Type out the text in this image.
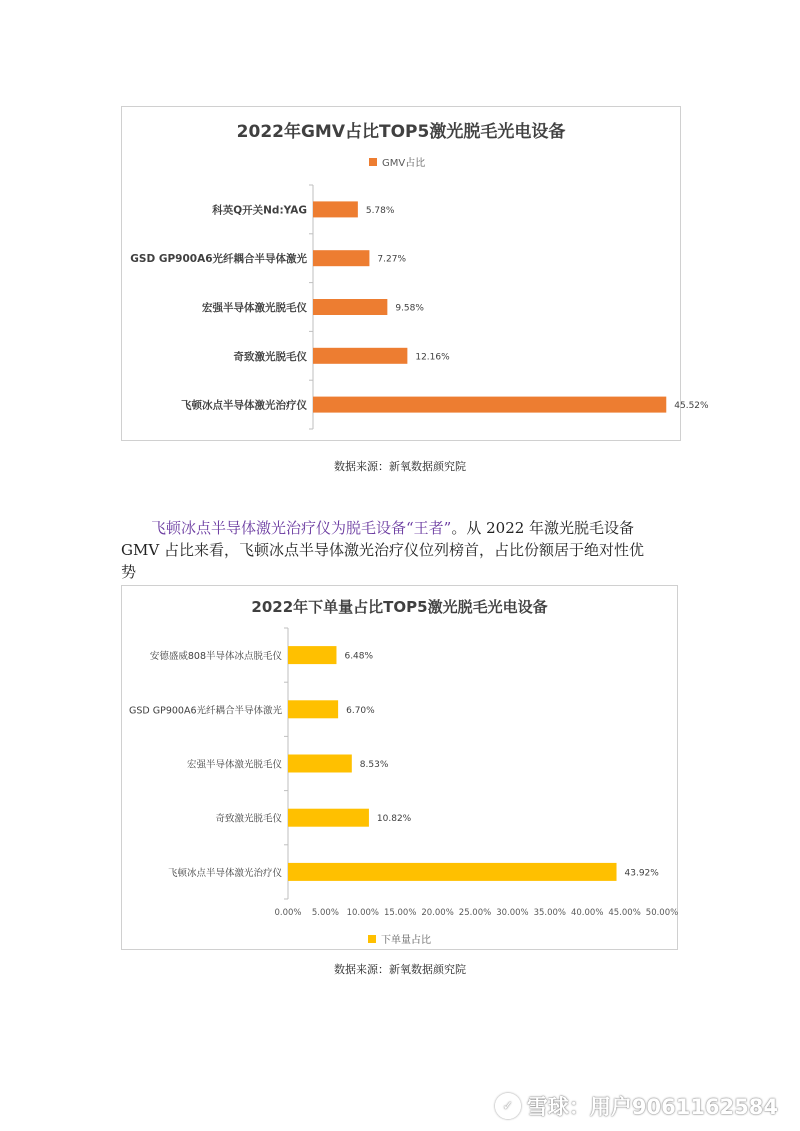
2022年GMV占比TOP5激光脱毛光电设备
GMV占比
科英Q开关Nd:YAG	5.78%
GSD GP900A6光纤耦合半导体激光	7.27%
宏强半导体激光脱毛仪	9.58%
奇致激光脱毛仪	12.16%
飞顿冰点半导体激光治疗仪	45.52%
数据来源：新氧数据颜究院
飞顿冰点半导体激光治疗仪为脱毛设备“王者”。从 2022 年激光脱毛设备
GMV 占比来看，飞顿冰点半导体激光治疗仪位列榜首，占比份额居于绝对性优
势
2022年下单量占比TOP5激光脱毛光电设备
安德盛威808半导体冰点脱毛仪	6.48%
GSD GP900A6光纤耦合半导体激光	6.70%
宏强半导体激光脱毛仪	8.53%
奇致激光脱毛仪	10.82%
飞顿冰点半导体激光治疗仪	43.92%
0.00% 5.00% 10.00% 15.00% 20.00% 25.00% 30.00% 35.00% 40.00% 45.00% 50.00%
下单量占比
数据来源：新氧数据颜究院
✓ 雪球：用户9061162584
